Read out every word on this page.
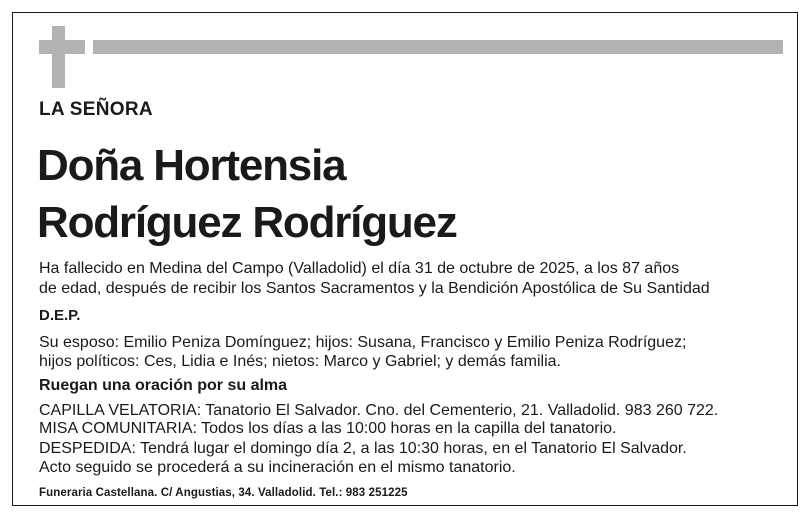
LA SEÑORA
Doña Hortensia
Rodríguez Rodríguez
Ha fallecido en Medina del Campo (Valladolid) el día 31 de octubre de 2025, a los 87 años
de edad, después de recibir los Santos Sacramentos y la Bendición Apostólica de Su Santidad
D.E.P.
Su esposo: Emilio Peniza Domínguez; hijos: Susana, Francisco y Emilio Peniza Rodríguez;
hijos políticos: Ces, Lidia e Inés; nietos: Marco y Gabriel; y demás familia.
Ruegan una oración por su alma
CAPILLA VELATORIA: Tanatorio El Salvador. Cno. del Cementerio, 21. Valladolid. 983 260 722.
MISA COMUNITARIA: Todos los días a las 10:00 horas en la capilla del tanatorio.
DESPEDIDA: Tendrá lugar el domingo día 2, a las 10:30 horas, en el Tanatorio El Salvador.
Acto seguido se procederá a su incineración en el mismo tanatorio.
Funeraria Castellana. C/ Angustias, 34. Valladolid. Tel.: 983 251225
